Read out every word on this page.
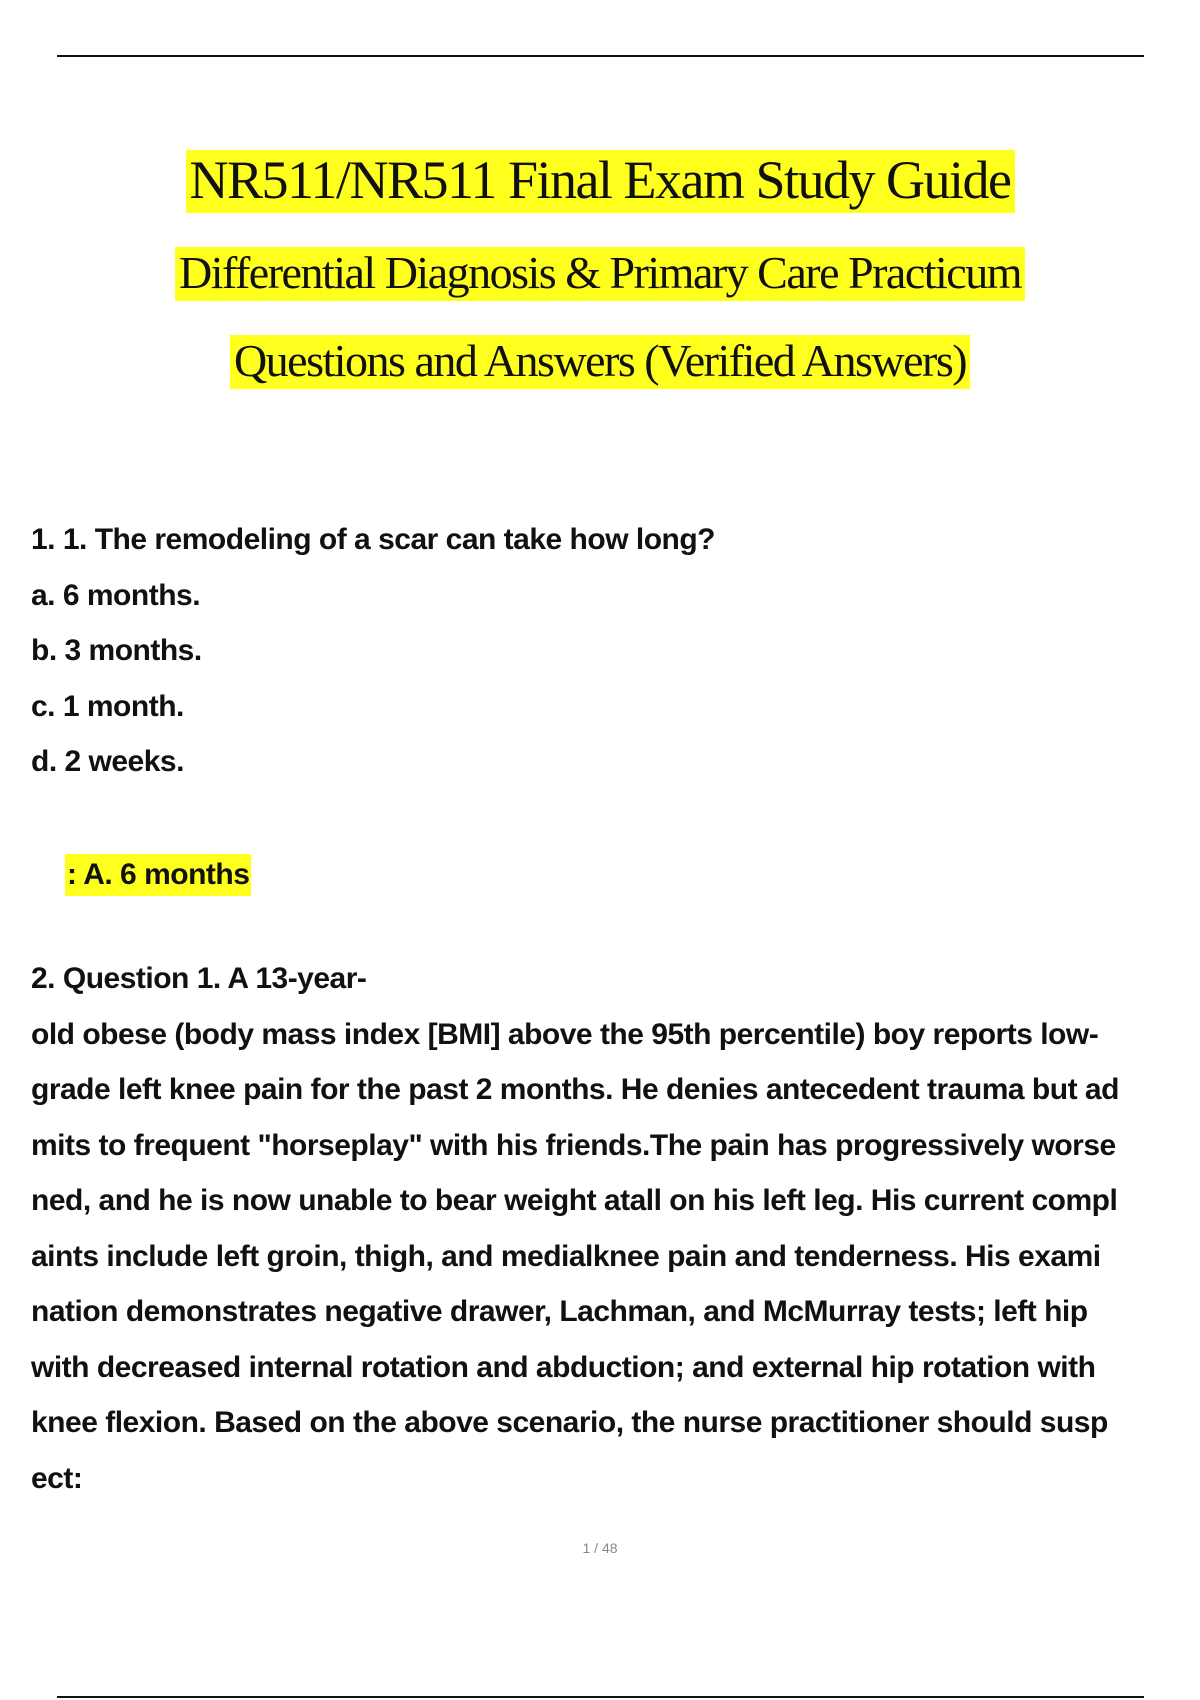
NR511/NR511 Final Exam Study Guide
Differential Diagnosis & Primary Care Practicum
Questions and Answers (Verified Answers)
1. 1. The remodeling of a scar can take how long?
a. 6 months.
b. 3 months.
c. 1 month.
d. 2 weeks.
: A. 6 months
2. Question 1. A 13-year-
old obese (body mass index [BMI] above the 95th percentile) boy reports low-
grade left knee pain for the past 2 months. He denies antecedent trauma but ad
mits to frequent "horseplay" with his friends.The pain has progressively worse
ned, and he is now unable to bear weight atall on his left leg. His current compl
aints include left groin, thigh, and medialknee pain and tenderness. His exami
nation demonstrates negative drawer, Lachman, and McMurray tests; left hip
with decreased internal rotation and abduction; and external hip rotation with
knee flexion. Based on the above scenario, the nurse practitioner should susp
ect:
1 / 48
